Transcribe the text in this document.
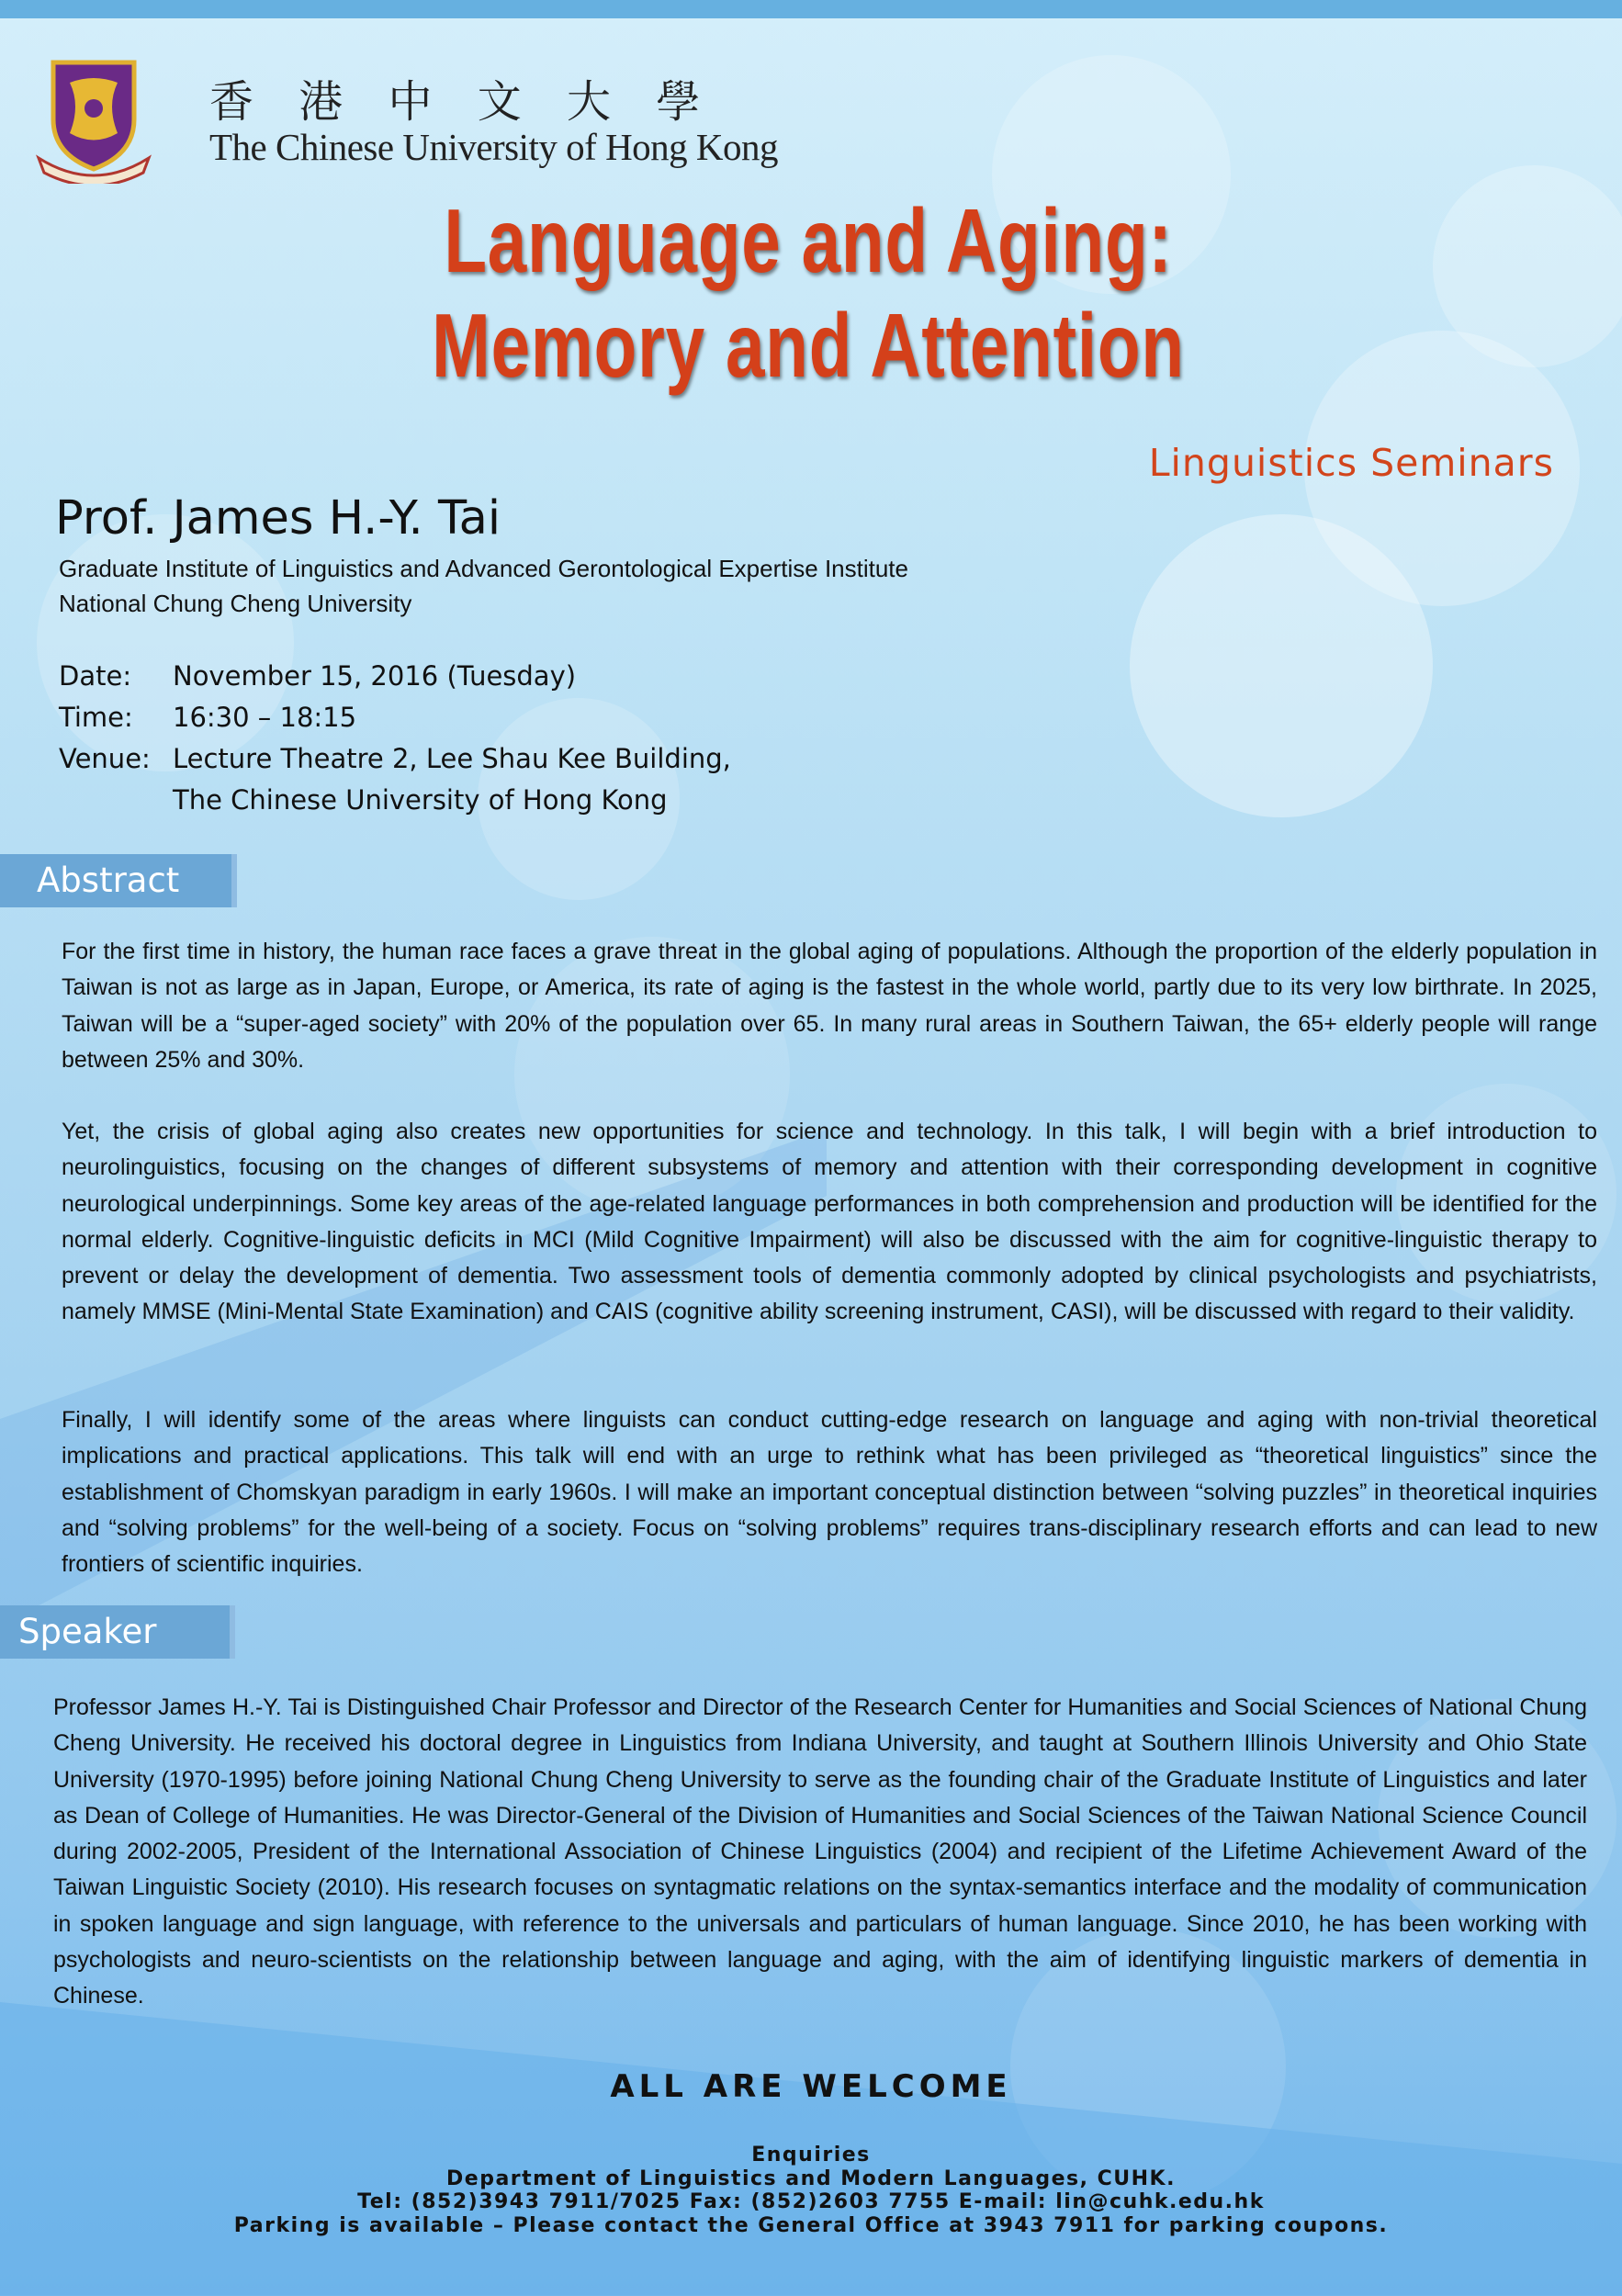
香 港 中 文 大 學
The Chinese University of Hong Kong
Language and Aging:
Memory and Attention
Linguistics Seminars
Prof. James H.-Y. Tai
Graduate Institute of Linguistics and Advanced Gerontological Expertise Institute
National Chung Cheng University
Date:	November 15, 2016 (Tuesday)
Time:	16:30 – 18:15
Venue: Lecture Theatre 2, Lee Shau Kee Building,
The Chinese University of Hong Kong
Abstract
For the first time in history, the human race faces a grave threat in the global aging of populations. Although the proportion of the elderly population in Taiwan is not as large as in Japan, Europe, or America, its rate of aging is the fastest in the whole world, partly due to its very low birthrate. In 2025, Taiwan will be a “super-aged society” with 20% of the population over 65. In many rural areas in Southern Taiwan, the 65+ elderly people will range between 25% and 30%.
Yet, the crisis of global aging also creates new opportunities for science and technology. In this talk, I will begin with a brief introduction to neurolinguistics, focusing on the changes of different subsystems of memory and attention with their corresponding development in cognitive neurological underpinnings. Some key areas of the age-related language performances in both comprehension and production will be identified for the normal elderly. Cognitive-linguistic deficits in MCI (Mild Cognitive Impairment) will also be discussed with the aim for cognitive-linguistic therapy to prevent or delay the development of dementia. Two assessment tools of dementia commonly adopted by clinical psychologists and psychiatrists, namely MMSE (Mini-Mental State Examination) and CAIS (cognitive ability screening instrument, CASI), will be discussed with regard to their validity.
Finally, I will identify some of the areas where linguists can conduct cutting-edge research on language and aging with non-trivial theoretical implications and practical applications. This talk will end with an urge to rethink what has been privileged as “theoretical linguistics” since the establishment of Chomskyan paradigm in early 1960s. I will make an important conceptual distinction between “solving puzzles” in theoretical inquiries and “solving problems” for the well-being of a society. Focus on “solving problems” requires trans-disciplinary research efforts and can lead to new frontiers of scientific inquiries.
Speaker
Professor James H.-Y. Tai is Distinguished Chair Professor and Director of the Research Center for Humanities and Social Sciences of National Chung Cheng University. He received his doctoral degree in Linguistics from Indiana University, and taught at Southern Illinois University and Ohio State University (1970-1995) before joining National Chung Cheng University to serve as the founding chair of the Graduate Institute of Linguistics and later as Dean of College of Humanities. He was Director-General of the Division of Humanities and Social Sciences of the Taiwan National Science Council during 2002-2005, President of the International Association of Chinese Linguistics (2004) and recipient of the Lifetime Achievement Award of the Taiwan Linguistic Society (2010). His research focuses on syntagmatic relations on the syntax-semantics interface and the modality of communication in spoken language and sign language, with reference to the universals and particulars of human language. Since 2010, he has been working with psychologists and neuro-scientists on the relationship between language and aging, with the aim of identifying linguistic markers of dementia in Chinese.
ALL ARE WELCOME
Enquiries
Department of Linguistics and Modern Languages, CUHK.
Tel: (852)3943 7911/7025 Fax: (852)2603 7755 E-mail: lin@cuhk.edu.hk
Parking is available – Please contact the General Office at 3943 7911 for parking coupons.
